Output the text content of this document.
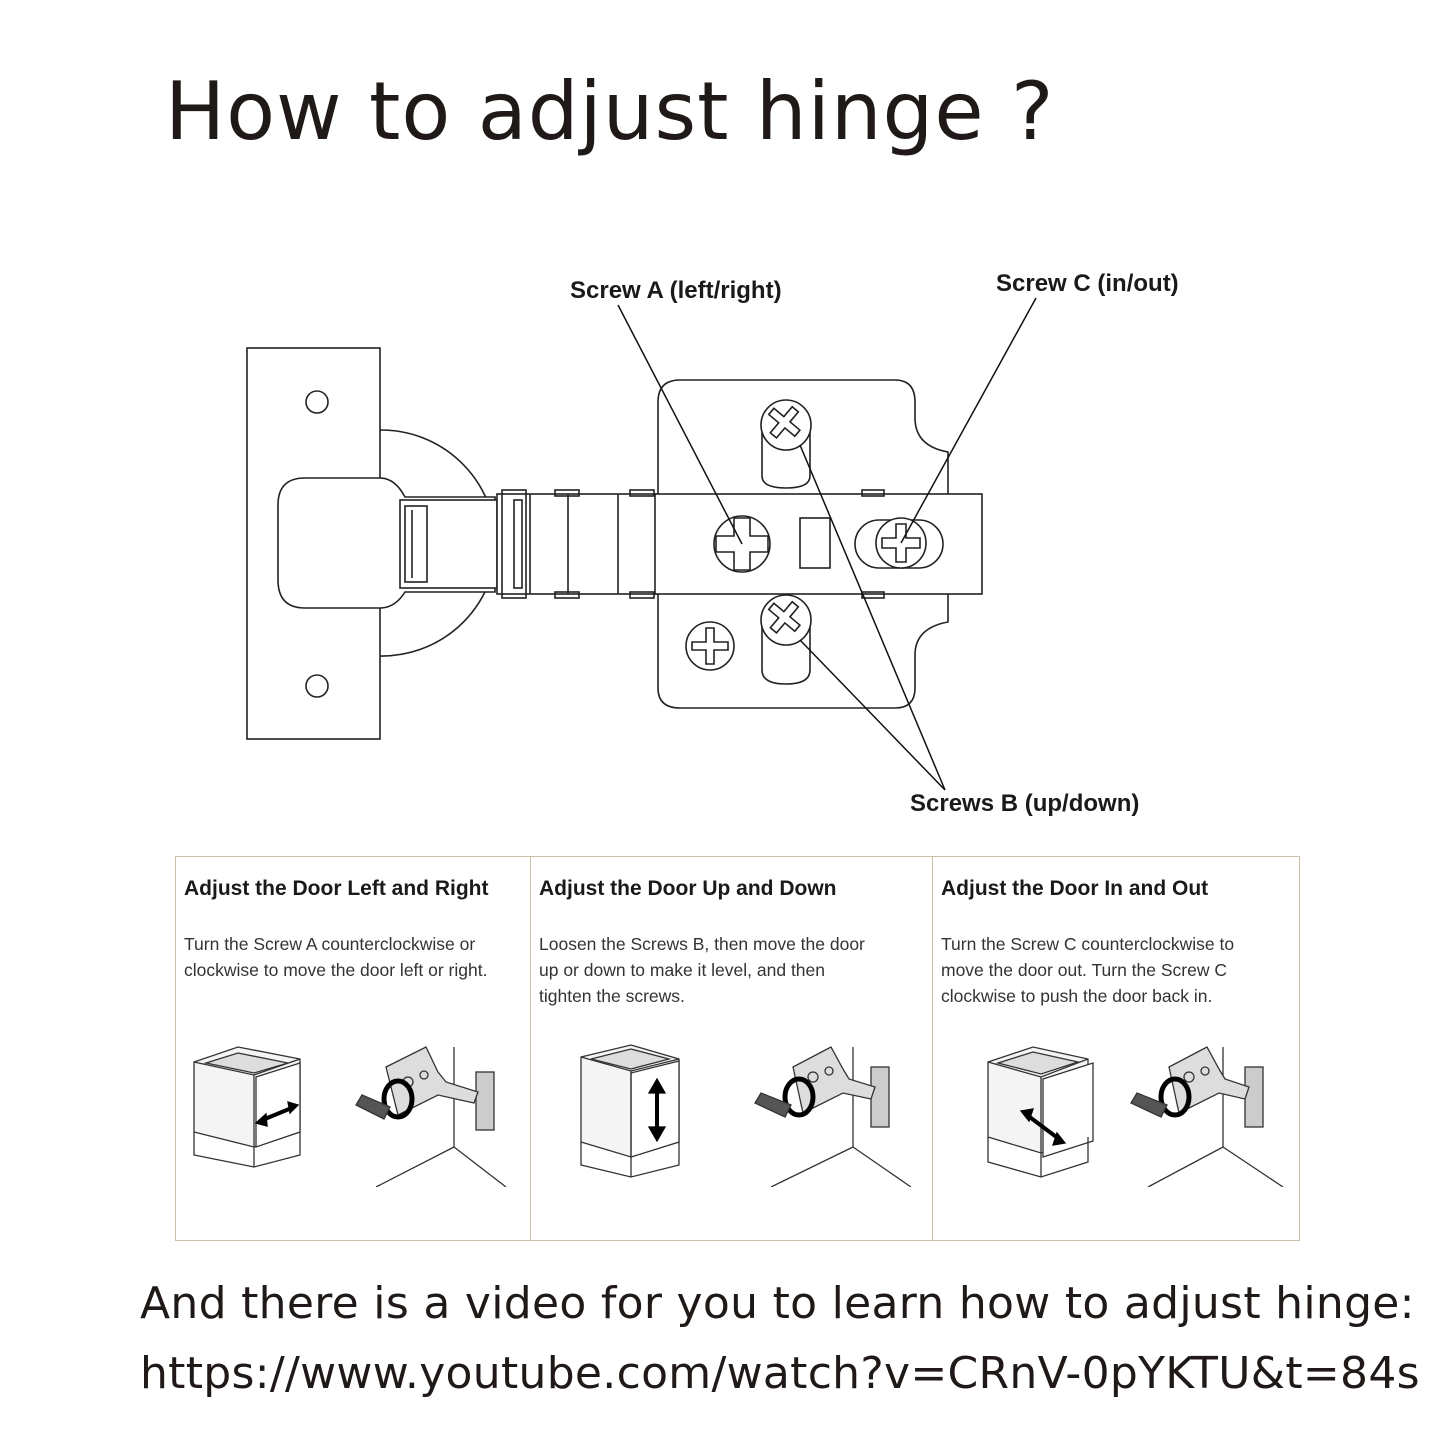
How to adjust hinge ?
Screw A (left/right)	Screw C (in/out)
Screws B (up/down)
Adjust the Door Left and Right

Turn the Screw A counterclockwise or clockwise to move the door left or right.

Adjust the Door Up and Down

Loosen the Screws B, then move the door up or down to make it level, and then tighten the screws.

Adjust the Door In and Out

Turn the Screw C counterclockwise to move the door out. Turn the Screw C clockwise to push the door back in.

And there is a video for you to learn how to adjust hinge:
https://www.youtube.com/watch?v=CRnV-0pYKTU&t=84s
